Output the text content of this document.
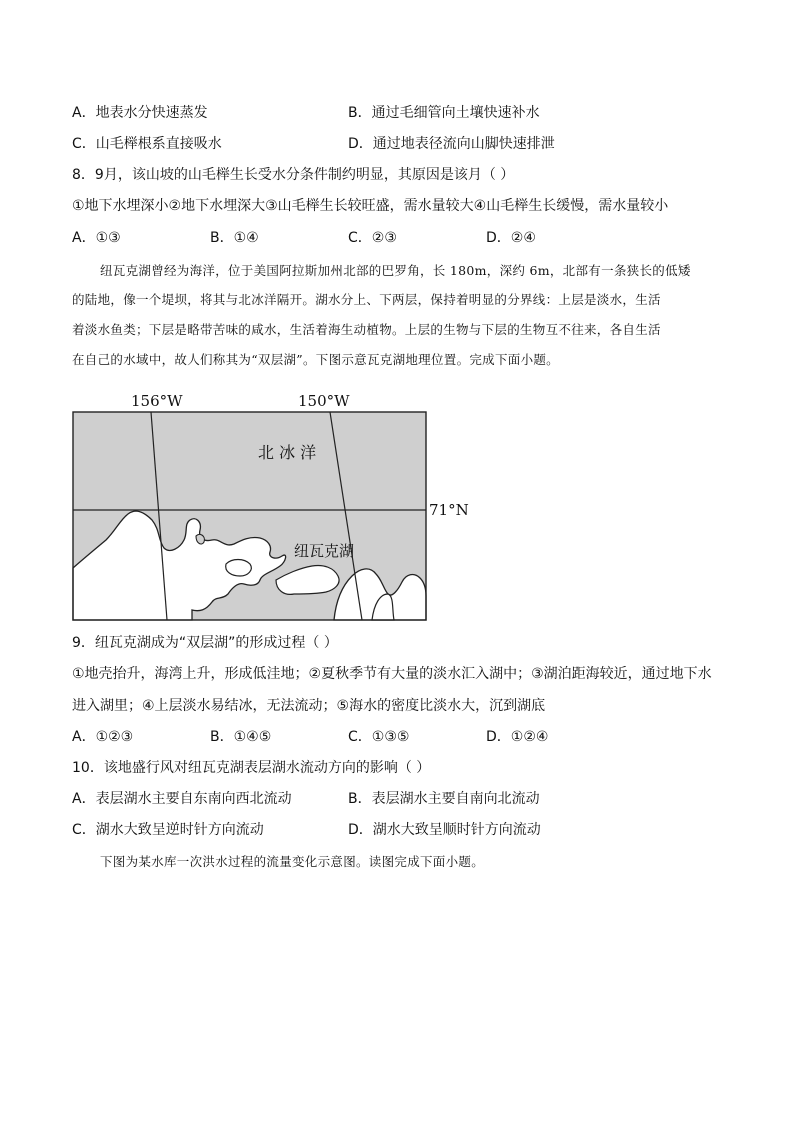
A．地表水分快速蒸发	B．通过毛细管向土壤快速补水
C．山毛榉根系直接吸水	D．通过地表径流向山脚快速排泄
8．9月，该山坡的山毛榉生长受水分条件制约明显，其原因是该月（ ）
①地下水埋深小②地下水埋深大③山毛榉生长较旺盛，需水量较大④山毛榉生长缓慢，需水量较小
A．①③	B．①④	C．②③	D．②④
纽瓦克湖曾经为海洋，位于美国阿拉斯加州北部的巴罗角，长 180m，深约 6m，北部有一条狭长的低矮
的陆地，像一个堤坝，将其与北冰洋隔开。湖水分上、下两层，保持着明显的分界线：上层是淡水，生活
着淡水鱼类；下层是略带苦味的咸水，生活着海生动植物。上层的生物与下层的生物互不往来，各自生活
在自己的水域中，故人们称其为“双层湖”。下图示意瓦克湖地理位置。完成下面小题。
156°W	150°W
71°N
北 冰 洋
纽瓦克湖
9．纽瓦克湖成为“双层湖”的形成过程（ ）
①地壳抬升，海湾上升，形成低洼地；②夏秋季节有大量的淡水汇入湖中；③湖泊距海较近，通过地下水
进入湖里；④上层淡水易结冰，无法流动；⑤海水的密度比淡水大，沉到湖底
A．①②③	B．①④⑤	C．①③⑤	D．①②④
10．该地盛行风对纽瓦克湖表层湖水流动方向的影响（ ）
A．表层湖水主要自东南向西北流动	B．表层湖水主要自南向北流动
C．湖水大致呈逆时针方向流动	D．湖水大致呈顺时针方向流动
下图为某水库一次洪水过程的流量变化示意图。读图完成下面小题。
